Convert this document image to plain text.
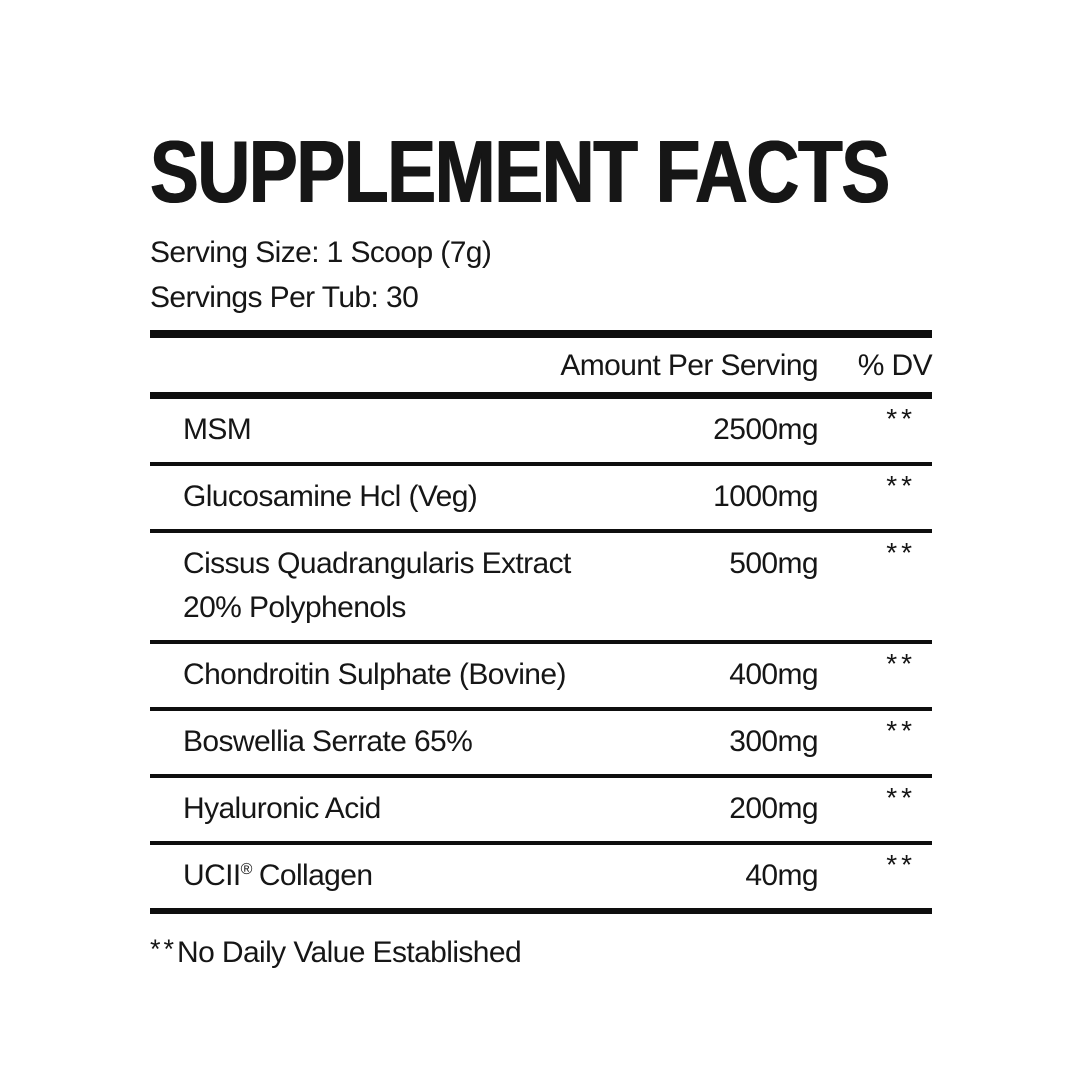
SUPPLEMENT FACTS
Serving Size: 1 Scoop (7g)
Servings Per Tub: 30
Amount Per Serving	% DV
MSM	2500mg	**
Glucosamine Hcl (Veg)	1000mg	**
Cissus Quadrangularis Extract
20% Polyphenols
500mg	**
Chondroitin Sulphate (Bovine)	400mg	**
Boswellia Serrate 65%	300mg	**
Hyaluronic Acid	200mg	**
UCII® Collagen	40mg	**
**No Daily Value Established
